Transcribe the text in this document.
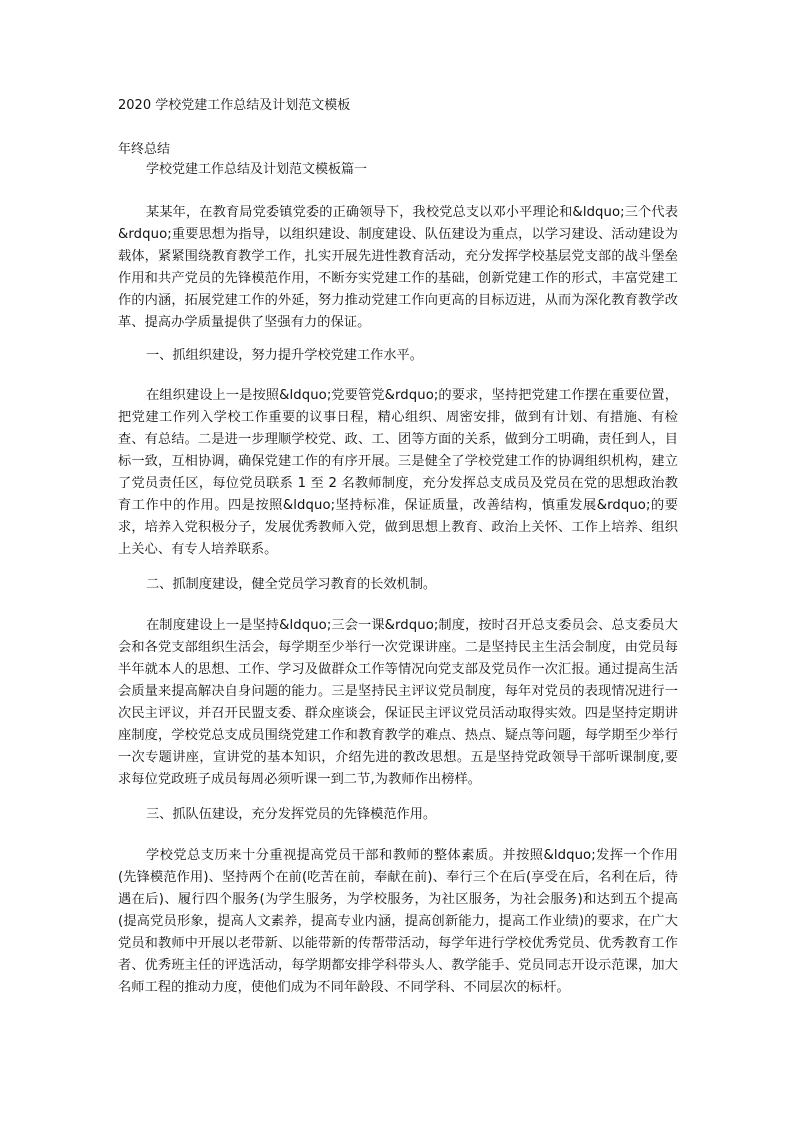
2020 学校党建工作总结及计划范文模板
年终总结
学校党建工作总结及计划范文模板篇一

某某年，在教育局党委镇党委的正确领导下，我校党总支以邓小平理论和&ldquo;三个代表&rdquo;重要思想为指导，以组织建设、制度建设、队伍建设为重点，以学习建设、活动建设为载体，紧紧围绕教育教学工作，扎实开展先进性教育活动，充分发挥学校基层党支部的战斗堡垒作用和共产党员的先锋模范作用，不断夯实党建工作的基础，创新党建工作的形式，丰富党建工作的内涵，拓展党建工作的外延，努力推动党建工作向更高的目标迈进，从而为深化教育教学改革、提高办学质量提供了坚强有力的保证。

一、抓组织建设，努力提升学校党建工作水平。

在组织建设上一是按照&ldquo;党要管党&rdquo;的要求，坚持把党建工作摆在重要位置，把党建工作列入学校工作重要的议事日程，精心组织、周密安排，做到有计划、有措施、有检查、有总结。二是进一步理顺学校党、政、工、团等方面的关系，做到分工明确，责任到人，目标一致，互相协调，确保党建工作的有序开展。三是健全了学校党建工作的协调组织机构，建立了党员责任区，每位党员联系 1 至 2 名教师制度，充分发挥总支成员及党员在党的思想政治教育工作中的作用。四是按照&ldquo;坚持标准，保证质量，改善结构，慎重发展&rdquo;的要求，培养入党积极分子，发展优秀教师入党，做到思想上教育、政治上关怀、工作上培养、组织上关心、有专人培养联系。

二、抓制度建设，健全党员学习教育的长效机制。

在制度建设上一是坚持&ldquo;三会一课&rdquo;制度，按时召开总支委员会、总支委员大会和各党支部组织生活会，每学期至少举行一次党课讲座。二是坚持民主生活会制度，由党员每半年就本人的思想、工作、学习及做群众工作等情况向党支部及党员作一次汇报。通过提高生活会质量来提高解决自身问题的能力。三是坚持民主评议党员制度，每年对党员的表现情况进行一次民主评议，并召开民盟支委、群众座谈会，保证民主评议党员活动取得实效。四是坚持定期讲座制度，学校党总支成员围绕党建工作和教育教学的难点、热点、疑点等问题，每学期至少举行一次专题讲座，宣讲党的基本知识，介绍先进的教改思想。五是坚持党政领导干部听课制度,要求每位党政班子成员每周必须听课一到二节,为教师作出榜样。

三、抓队伍建设，充分发挥党员的先锋模范作用。

学校党总支历来十分重视提高党员干部和教师的整体素质。并按照&ldquo;发挥一个作用(先锋模范作用)、坚持两个在前(吃苦在前，奉献在前)、奉行三个在后(享受在后，名利在后，待遇在后)、履行四个服务(为学生服务，为学校服务，为社区服务，为社会服务)和达到五个提高(提高党员形象，提高人文素养，提高专业内涵，提高创新能力，提高工作业绩)的要求，在广大党员和教师中开展以老带新、以能带新的传帮带活动，每学年进行学校优秀党员、优秀教育工作者、优秀班主任的评选活动，每学期都安排学科带头人、教学能手、党员同志开设示范课，加大名师工程的推动力度，使他们成为不同年龄段、不同学科、不同层次的标杆。
